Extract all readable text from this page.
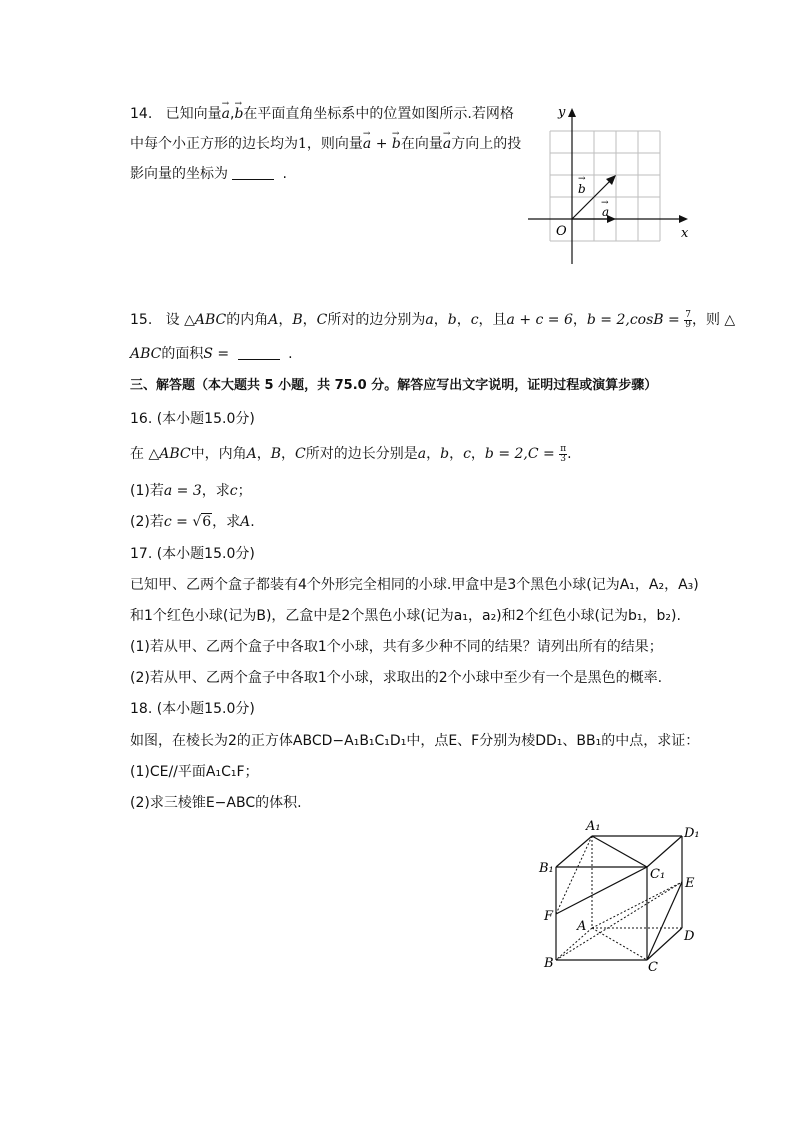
14. 已知向量→ a,→ b在平面直角坐标系中的位置如图所示.若网格
中每个小正方形的边长均为1，则向量→ a + → b在向量→ a方向上的投
影向量的坐标为	.
y
x
O
b
a
→
→
15. 设 △ABC的内角A，B，C所对的边分别为a，b，c，且a + c = 6，$b = 2,\cos B = \frac{7}{9}$ ，则 △
ABC的面积S =	.
三、解答题（本大题共 5 小题，共 75.0 分。解答应写出文字说明，证明过程或演算步骤）
16. (本小题15.0分)
在 △ABC中，内角A，B，C所对的边长分别是a，b，c，$b = 2,C = \frac{\pi}{3}$ .
(1)若a = 3，求c；
(2)若c = √6，求A.
17. (本小题15.0分)
已知甲、乙两个盒子都装有4个外形完全相同的小球.甲盒中是3个黑色小球(记为A₁，A₂，A₃)
和1个红色小球(记为B)，乙盒中是2个黑色小球(记为a₁，a₂)和2个红色小球(记为b₁，b₂).
(1)若从甲、乙两个盒子中各取1个小球，共有多少种不同的结果？请列出所有的结果；
(2)若从甲、乙两个盒子中各取1个小球，求取出的2个小球中至少有一个是黑色的概率.
18. (本小题15.0分)
如图，在棱长为2的正方体ABCD−A₁B₁C₁D₁中，点E、F分别为棱DD₁、BB₁的中点，求证：
(1)CE//平面A₁C₁F；
(2)求三棱锥E−ABC的体积.
A₁	D₁
B₁	C₁
E
F
A
D
B	C
